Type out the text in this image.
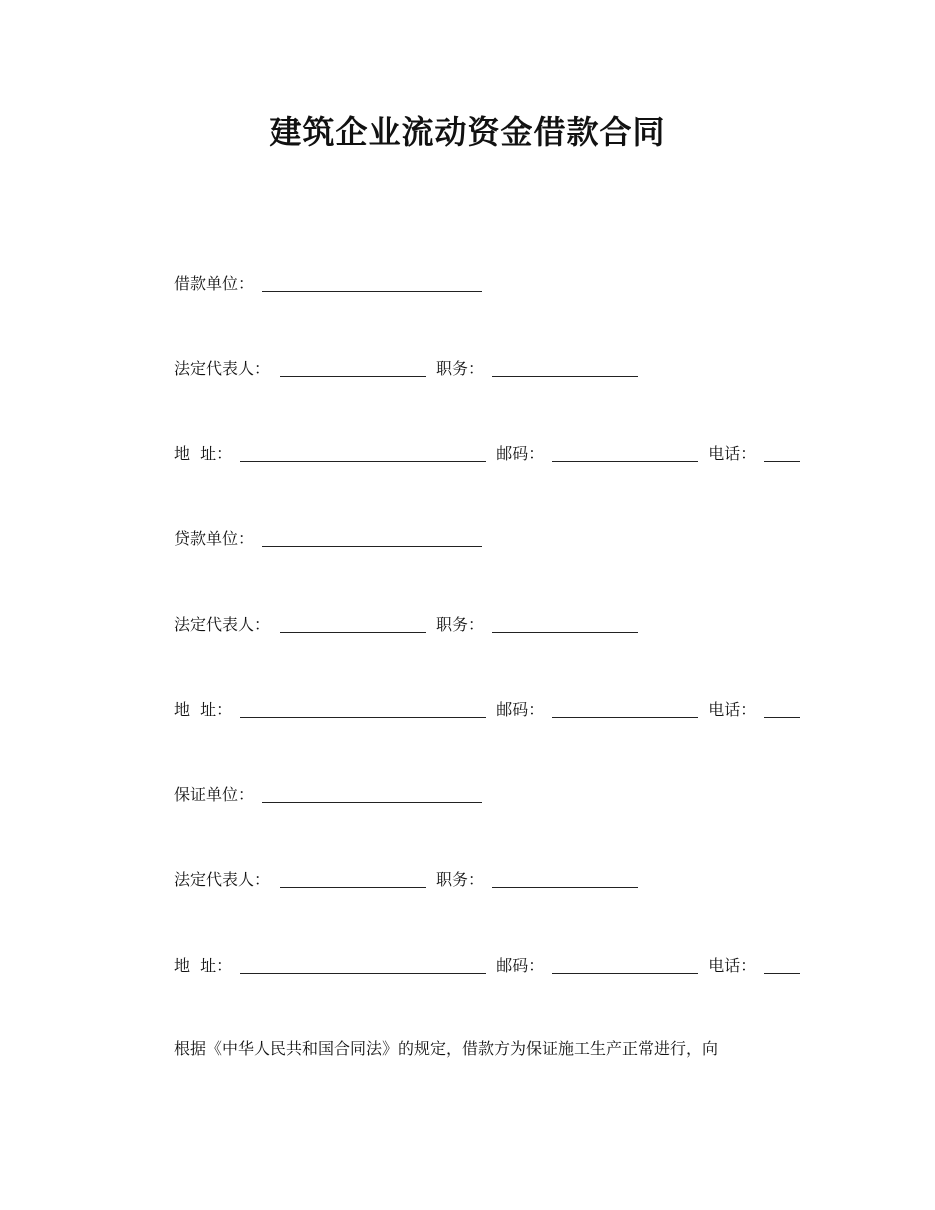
建筑企业流动资金借款合同
借款单位：
法定代表人：	职务：
地  址：	邮码：	电话：
贷款单位：
法定代表人：	职务：
地  址：	邮码：	电话：
保证单位：
法定代表人：	职务：
地  址：	邮码：	电话：
根据《中华人民共和国合同法》的规定，借款方为保证施工生产正常进行，向
